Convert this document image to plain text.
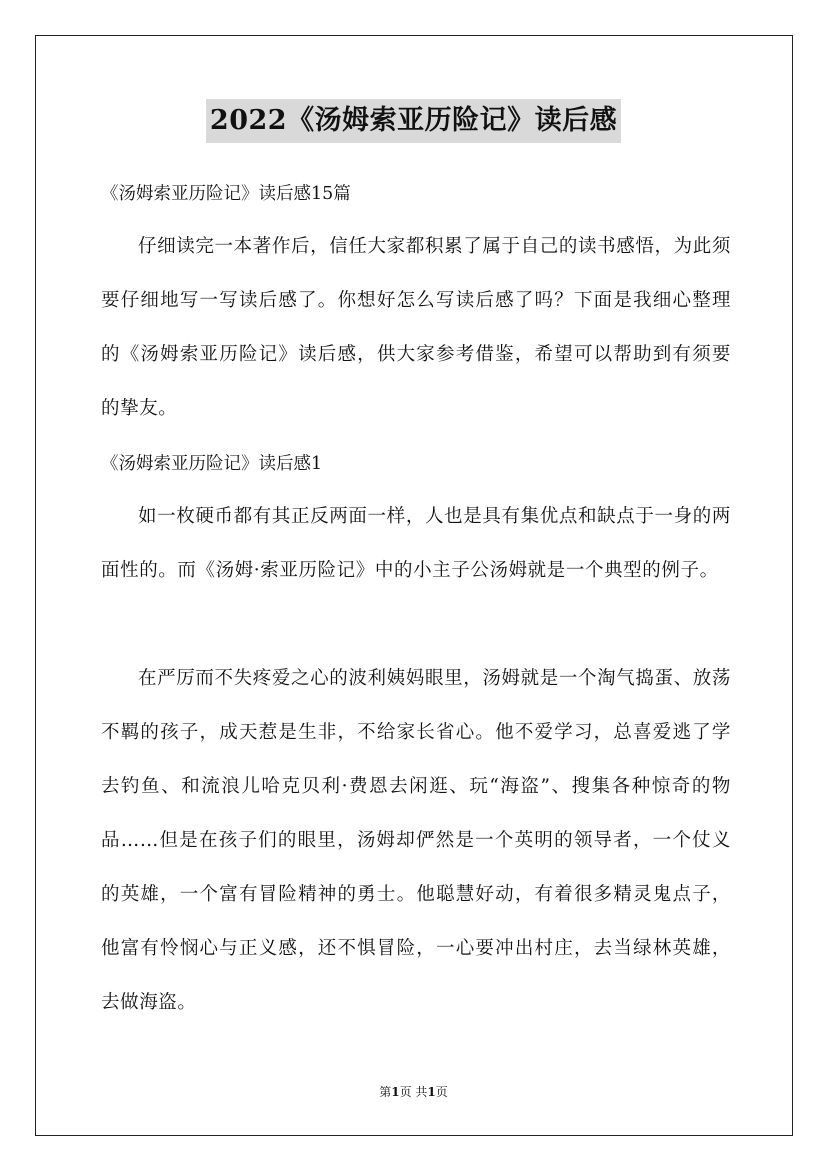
2022《汤姆索亚历险记》读后感
《汤姆索亚历险记》读后感15篇

仔细读完一本著作后，信任大家都积累了属于自己的读书感悟，为此须要仔细地写一写读后感了。你想好怎么写读后感了吗？下面是我细心整理的《汤姆索亚历险记》读后感，供大家参考借鉴，希望可以帮助到有须要的挚友。

《汤姆索亚历险记》读后感1

如一枚硬币都有其正反两面一样，人也是具有集优点和缺点于一身的两面性的。而《汤姆·索亚历险记》中的小主子公汤姆就是一个典型的例子。

在严厉而不失疼爱之心的波利姨妈眼里，汤姆就是一个淘气捣蛋、放荡不羁的孩子，成天惹是生非，不给家长省心。他不爱学习，总喜爱逃了学去钓鱼、和流浪儿哈克贝利·费恩去闲逛、玩“海盗”、搜集各种惊奇的物品……但是在孩子们的眼里，汤姆却俨然是一个英明的领导者，一个仗义的英雄，一个富有冒险精神的勇士。他聪慧好动，有着很多精灵鬼点子，他富有怜悯心与正义感，还不惧冒险，一心要冲出村庄，去当绿林英雄，去做海盗。

第1页 共1页
